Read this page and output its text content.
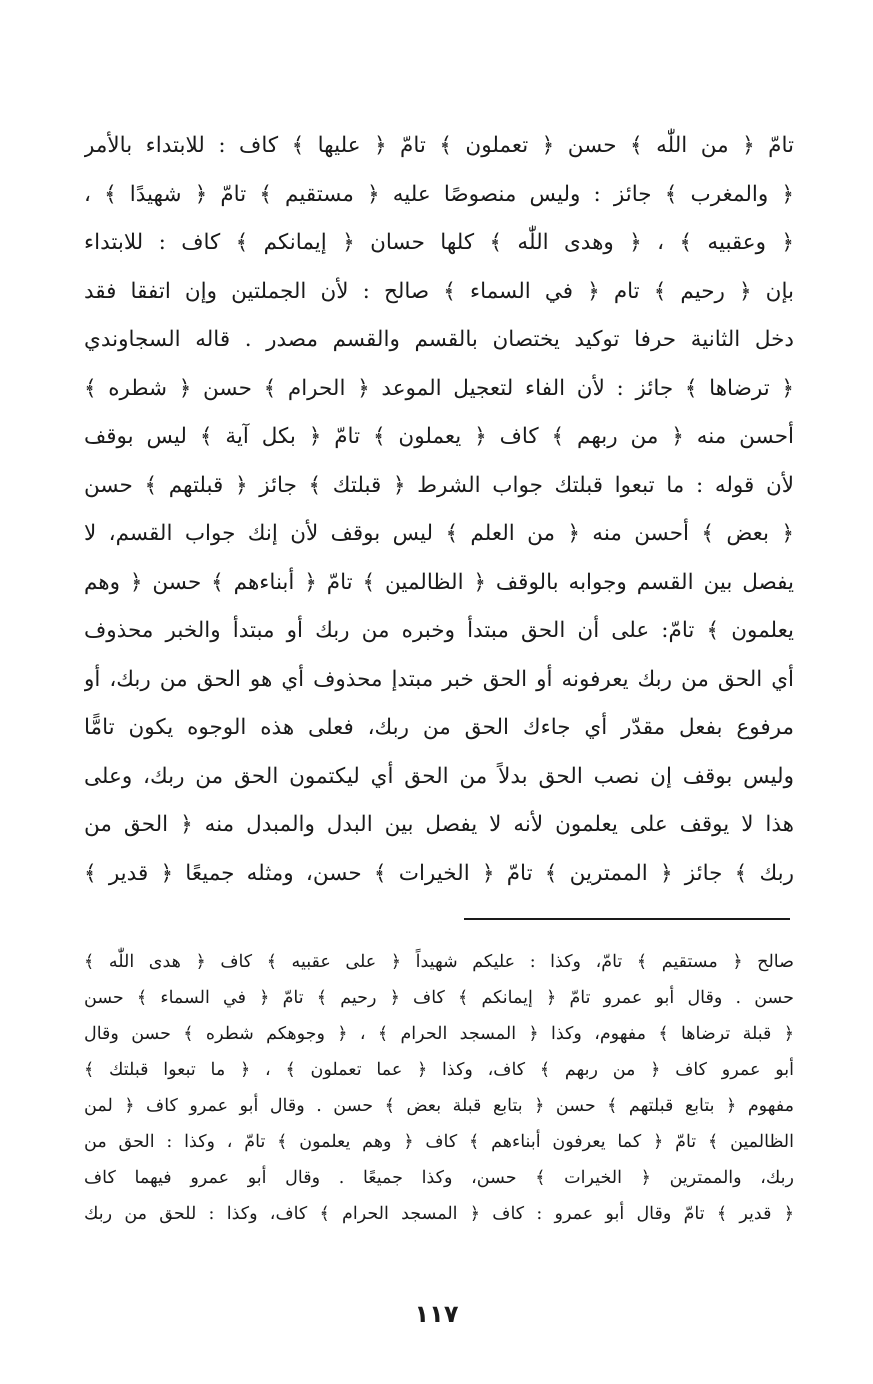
تامّ ﴿ من اللّٰه ﴾ حسن ﴿ تعملون ﴾ تامّ ﴿ عليها ﴾ كاف : للابتداء بالأمر
﴿ والمغرب ﴾ جائز : وليس منصوصًا عليه ﴿ مستقيم ﴾ تامّ ﴿ شهيدًا ﴾ ،
﴿ وعقبيه ﴾ ، ﴿ وهدى اللّٰه ﴾ كلها حسان ﴿ إيمانكم ﴾ كاف : للابتداء
بإن ﴿ رحيم ﴾ تام ﴿ في السماء ﴾ صالح : لأن الجملتين وإن اتفقا فقد
دخل الثانية حرفا توكيد يختصان بالقسم والقسم مصدر . قاله السجاوندي
﴿ ترضاها ﴾ جائز : لأن الفاء لتعجيل الموعد ﴿ الحرام ﴾ حسن ﴿ شطره ﴾
أحسن منه ﴿ من ربهم ﴾ كاف ﴿ يعملون ﴾ تامّ ﴿ بكل آية ﴾ ليس بوقف
لأن قوله : ما تبعوا قبلتك جواب الشرط ﴿ قبلتك ﴾ جائز ﴿ قبلتهم ﴾ حسن
﴿ بعض ﴾ أحسن منه ﴿ من العلم ﴾ ليس بوقف لأن إنك جواب القسم، لا
يفصل بين القسم وجوابه بالوقف ﴿ الظالمين ﴾ تامّ ﴿ أبناءهم ﴾ حسن ﴿ وهم
يعلمون ﴾ تامّ: على أن الحق مبتدأ وخبره من ربك أو مبتدأ والخبر محذوف
أي الحق من ربك يعرفونه أو الحق خبر مبتدإ محذوف أي هو الحق من ربك، أو
مرفوع بفعل مقدّر أي جاءك الحق من ربك، فعلى هذه الوجوه يكون تامًّا
وليس بوقف إن نصب الحق بدلاً من الحق أي ليكتمون الحق من ربك، وعلى
هذا لا يوقف على يعلمون لأنه لا يفصل بين البدل والمبدل منه ﴿ الحق من
ربك ﴾ جائز ﴿ الممترين ﴾ تامّ ﴿ الخيرات ﴾ حسن، ومثله جميعًا ﴿ قدير ﴾
صالح ﴿ مستقيم ﴾ تامّ، وكذا : عليكم شهيداً ﴿ على عقبيه ﴾ كاف ﴿ هدى اللّٰه ﴾
حسن . وقال أبو عمرو تامّ ﴿ إيمانكم ﴾ كاف ﴿ رحيم ﴾ تامّ ﴿ في السماء ﴾ حسن
﴿ قبلة ترضاها ﴾ مفهوم، وكذا ﴿ المسجد الحرام ﴾ ، ﴿ وجوهكم شطره ﴾ حسن وقال
أبو عمرو كاف ﴿ من ربهم ﴾ كاف، وكذا ﴿ عما تعملون ﴾ ، ﴿ ما تبعوا قبلتك ﴾
مفهوم ﴿ بتابع قبلتهم ﴾ حسن ﴿ بتابع قبلة بعض ﴾ حسن . وقال أبو عمرو كاف ﴿ لمن
الظالمين ﴾ تامّ ﴿ كما يعرفون أبناءهم ﴾ كاف ﴿ وهم يعلمون ﴾ تامّ ، وكذا : الحق من
ربك، والممترين ﴿ الخيرات ﴾ حسن، وكذا جميعًا . وقال أبو عمرو فيهما كاف
﴿ قدير ﴾ تامّ وقال أبو عمرو : كاف ﴿ المسجد الحرام ﴾ كاف، وكذا : للحق من ربك
١١٧
